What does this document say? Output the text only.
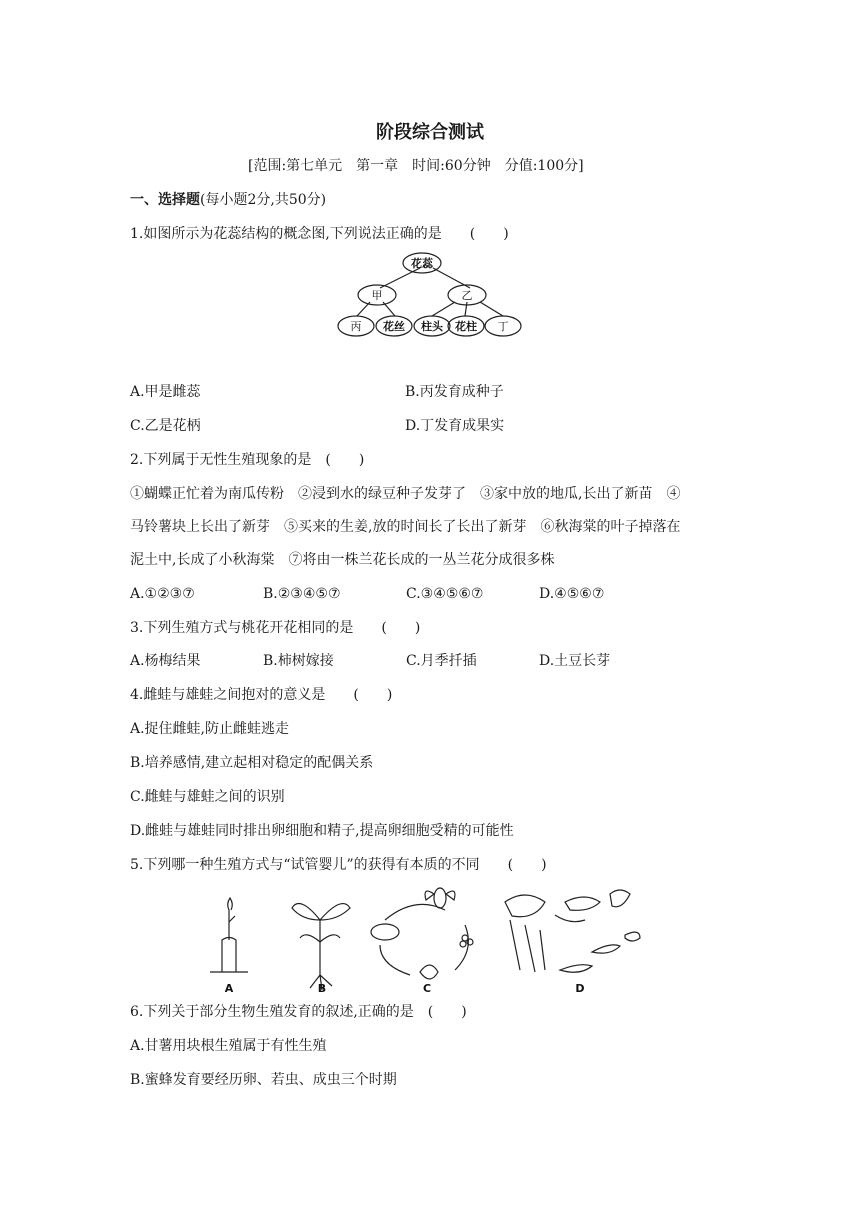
阶段综合测试
[范围:第七单元　第一章　时间:60分钟　分值:100分]
一、选择题(每小题2分,共50分)
1.如图所示为花蕊结构的概念图,下列说法正确的是　　(　　)
花蕊
甲	乙
丙 花丝 柱头 花柱 丁
A.甲是雌蕊	B.丙发育成种子
C.乙是花柄	D.丁发育成果实
2.下列属于无性生殖现象的是　(　　)
①蝴蝶正忙着为南瓜传粉　②浸到水的绿豆种子发芽了　③家中放的地瓜,长出了新苗　④
马铃薯块上长出了新芽　⑤买来的生姜,放的时间长了长出了新芽　⑥秋海棠的叶子掉落在
泥土中,长成了小秋海棠　⑦将由一株兰花长成的一丛兰花分成很多株
A.①②③⑦	B.②③④⑤⑦	C.③④⑤⑥⑦	D.④⑤⑥⑦
3.下列生殖方式与桃花开花相同的是　　(　　)
A.杨梅结果	B.柿树嫁接	C.月季扦插	D.土豆长芽
4.雌蛙与雄蛙之间抱对的意义是　　(　　)
A.捉住雌蛙,防止雌蛙逃走
B.培养感情,建立起相对稳定的配偶关系
C.雌蛙与雄蛙之间的识别
D.雌蛙与雄蛙同时排出卵细胞和精子,提高卵细胞受精的可能性
5.下列哪一种生殖方式与“试管婴儿”的获得有本质的不同　　(　　)
A	B	C	D
6.下列关于部分生物生殖发育的叙述,正确的是　(　　)
A.甘薯用块根生殖属于有性生殖
B.蜜蜂发育要经历卵、若虫、成虫三个时期
